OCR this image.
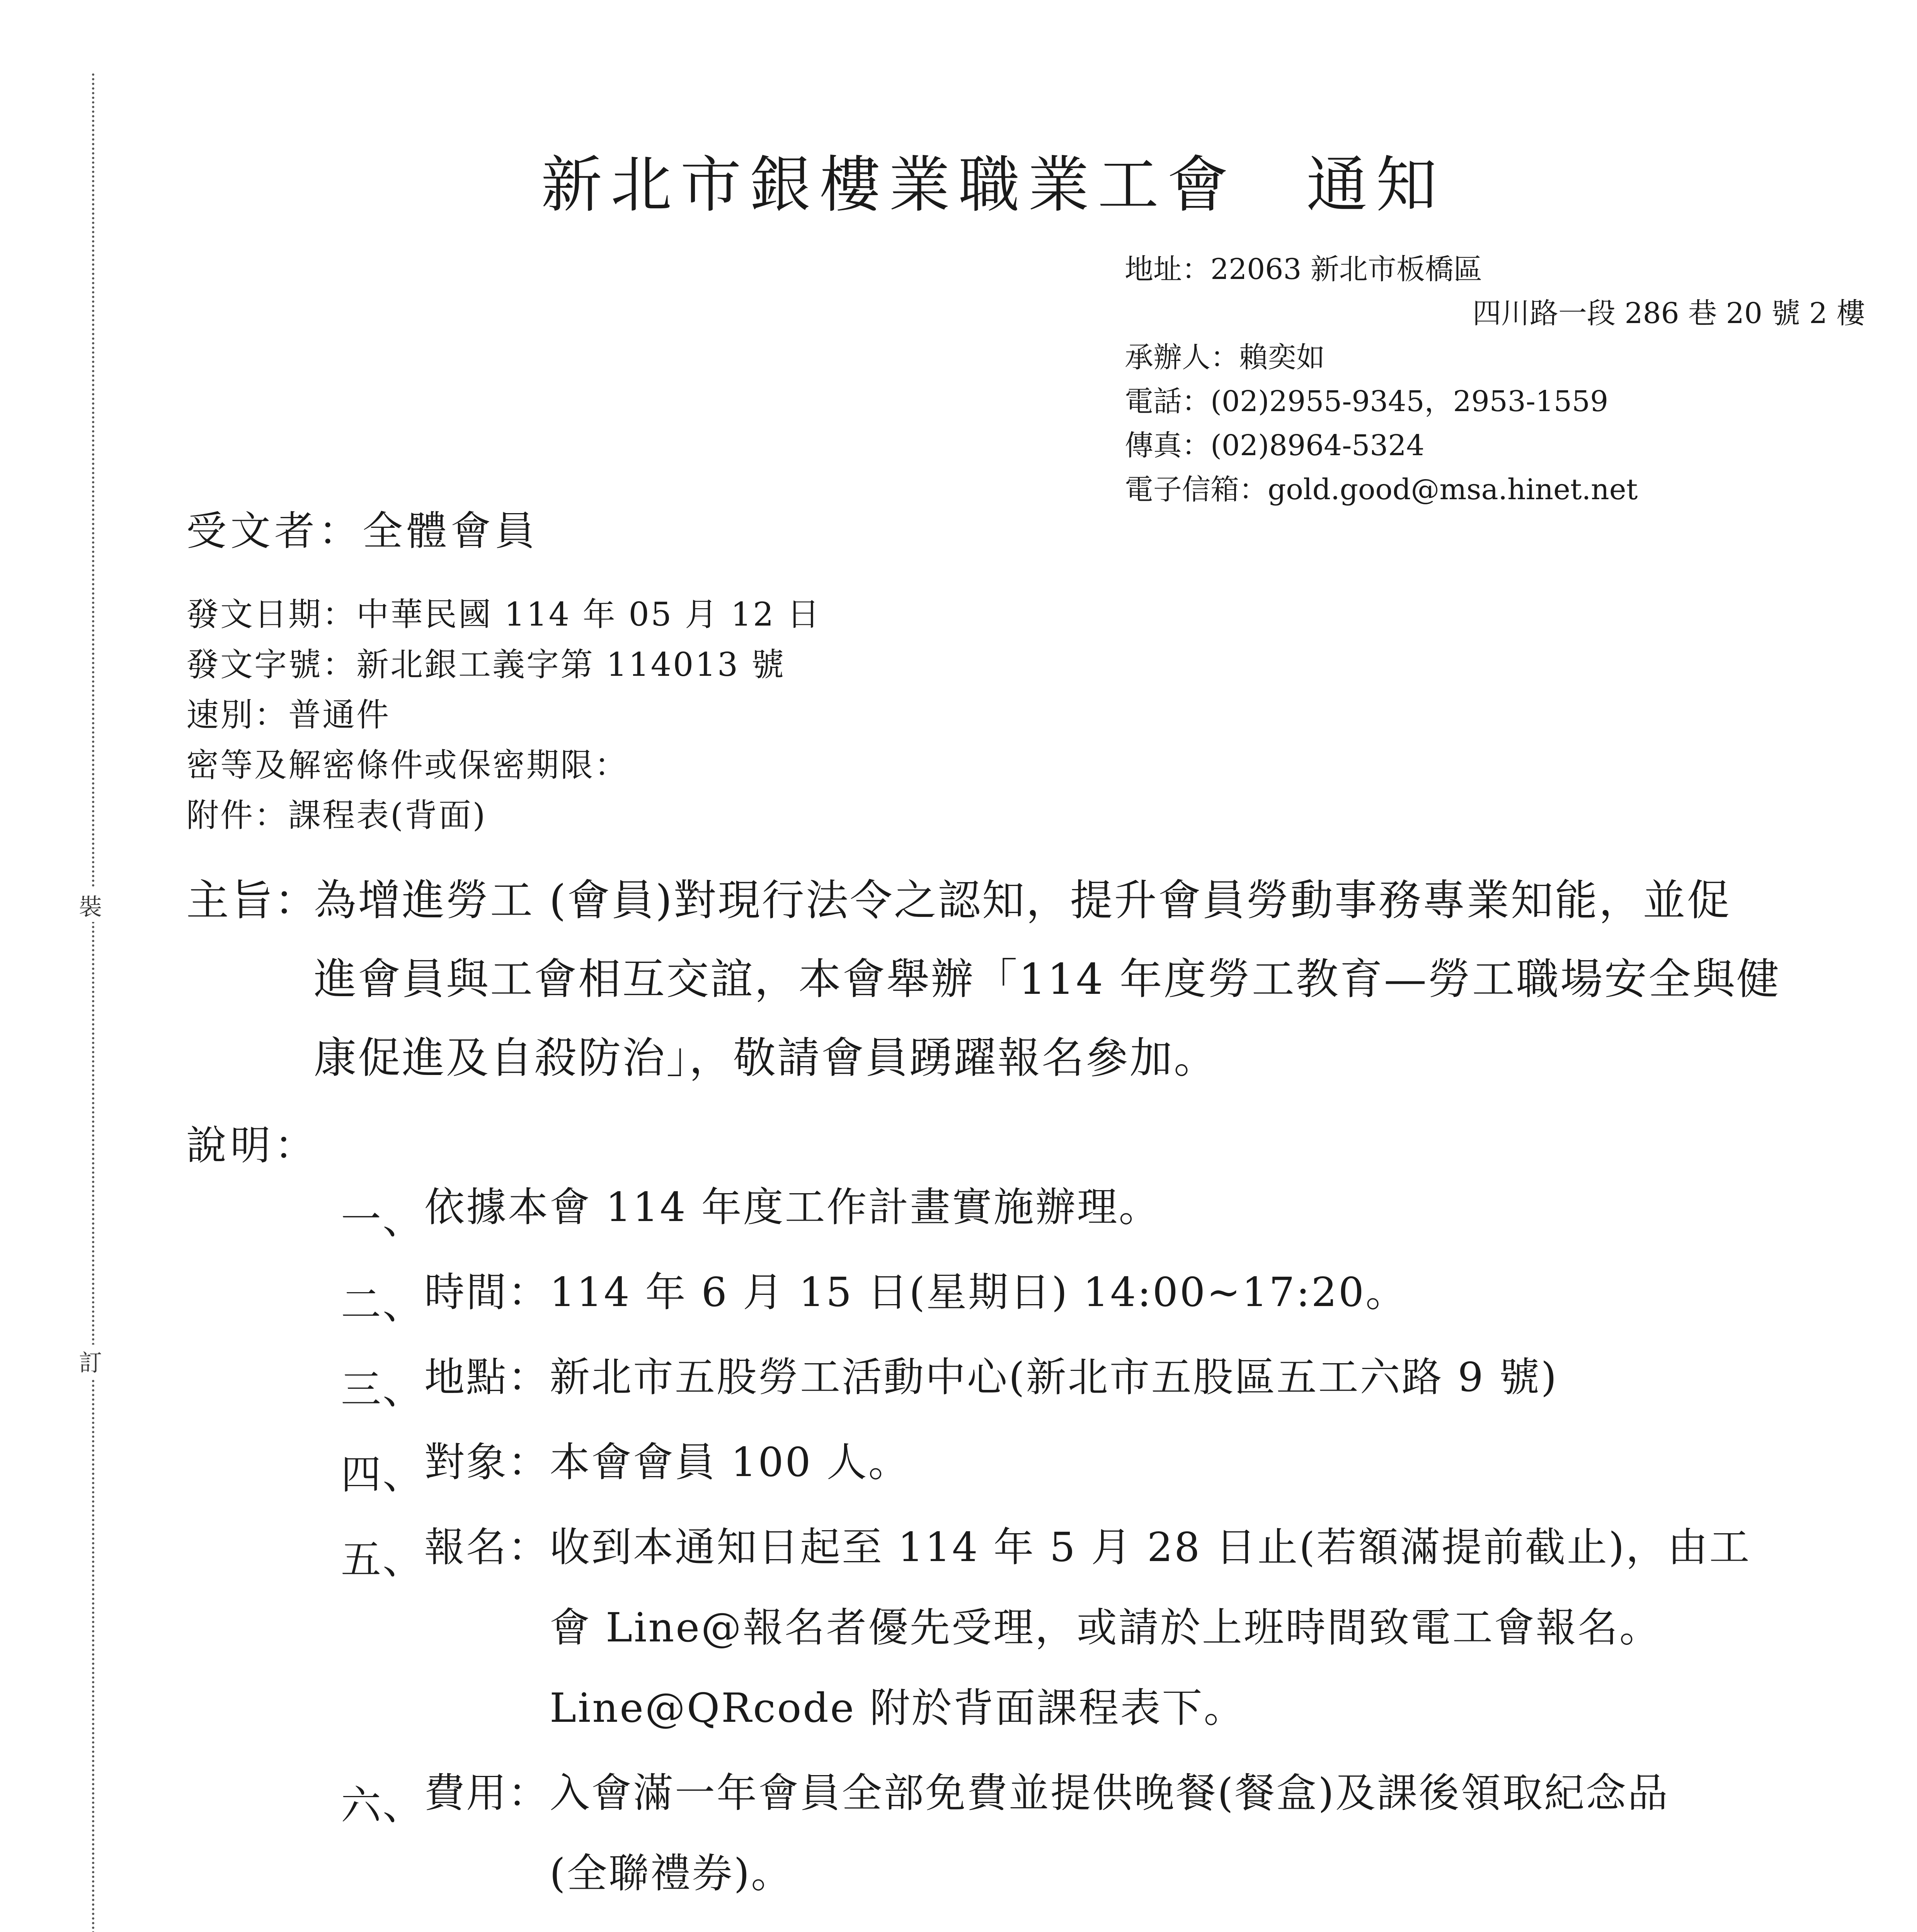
裝
訂
新北市銀樓業職業工會　通知
地址：22063 新北市板橋區
四川路一段 286 巷 20 號 2 樓
承辦人：賴奕如
電話：(02)2955-9345，2953-1559
傳真：(02)8964-5324
電子信箱：gold.good@msa.hinet.net
受文者：全體會員
發文日期：中華民國 114 年 05 月 12 日
發文字號：新北銀工義字第 114013 號
速別：普通件
密等及解密條件或保密期限：
附件：課程表(背面)
主旨：
為增進勞工 (會員)對現行法令之認知，提升會員勞動事務專業知能，並促
進會員與工會相互交誼，本會舉辦「114 年度勞工教育—勞工職場安全與健
康促進及自殺防治」，敬請會員踴躍報名參加。
說明：
一、 依據本會 114 年度工作計畫實施辦理。
二、 時間：114 年 6 月 15 日(星期日) 14:00~17:20。
三、 地點：新北市五股勞工活動中心(新北市五股區五工六路 9 號)
四、 對象：本會會員 100 人。
五、 報名：收到本通知日起至 114 年 5 月 28 日止(若額滿提前截止)，由工
　　　會 Line@報名者優先受理，或請於上班時間致電工會報名。
　　　Line@QRcode 附於背面課程表下。
六、 費用：入會滿一年會員全部免費並提供晚餐(餐盒)及課後領取紀念品
　　　(全聯禮券)。
